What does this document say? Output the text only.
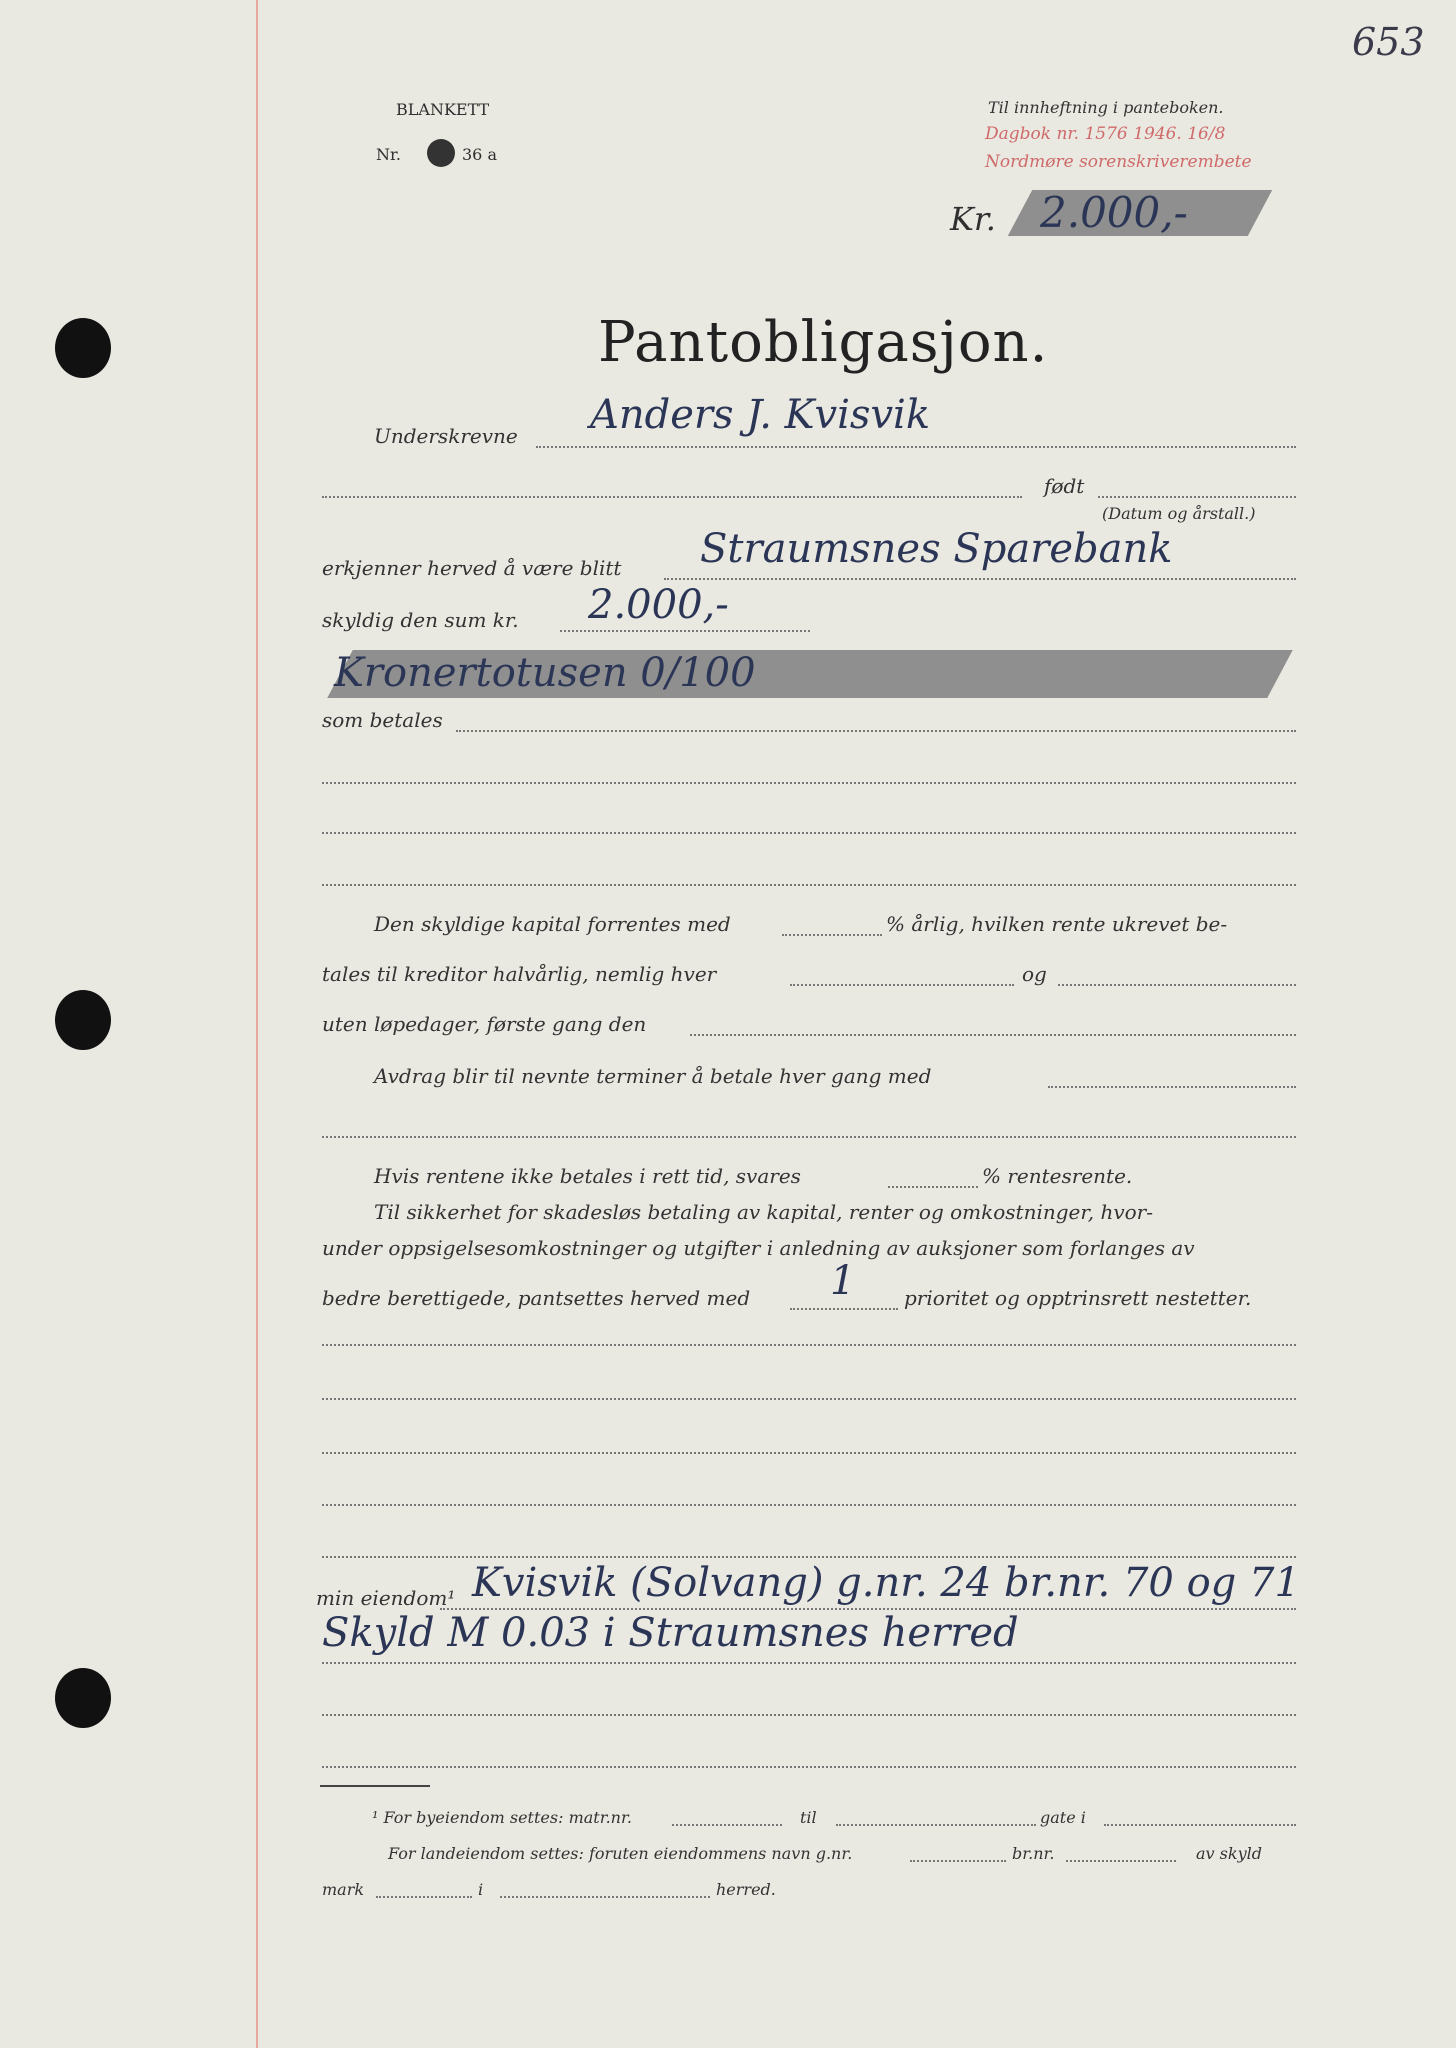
BLANKETT
Nr.	36 a
Til innheftning i panteboken.
Dagbok nr. 1576 1946. 16/8
Nordmøre sorenskriverembete
653
Kr. 2.000,-
Pantobligasjon.
Underskrevne Anders J. Kvisvik
født
(Datum og årstall.)
erkjenner herved å være blitt Straumsnes Sparebank
skyldig den sum kr. 2.000,-
Kronertotusen 0/100
som betales
Den skyldige kapital forrentes med	% årlig, hvilken rente ukrevet be-
tales til kreditor halvårlig, nemlig hver	og
uten løpedager, første gang den
Avdrag blir til nevnte terminer å betale hver gang med
Hvis rentene ikke betales i rett tid, svares	% rentesrente.
Til sikkerhet for skadesløs betaling av kapital, renter og omkostninger, hvor-
under oppsigelsesomkostninger og utgifter i anledning av auksjoner som forlanges av
bedre berettigede, pantsettes herved med 1 prioritet og opptrinsrett nestetter.
min eiendom¹ Kvisvik (Solvang) g.nr. 24 br.nr. 70 og 71
Skyld M 0.03 i Straumsnes herred
¹ For byeiendom settes: matr.nr.	til	gate i
For landeiendom settes: foruten eiendommens navn g.nr.	br.nr.	av skyld
mark	i	herred.
